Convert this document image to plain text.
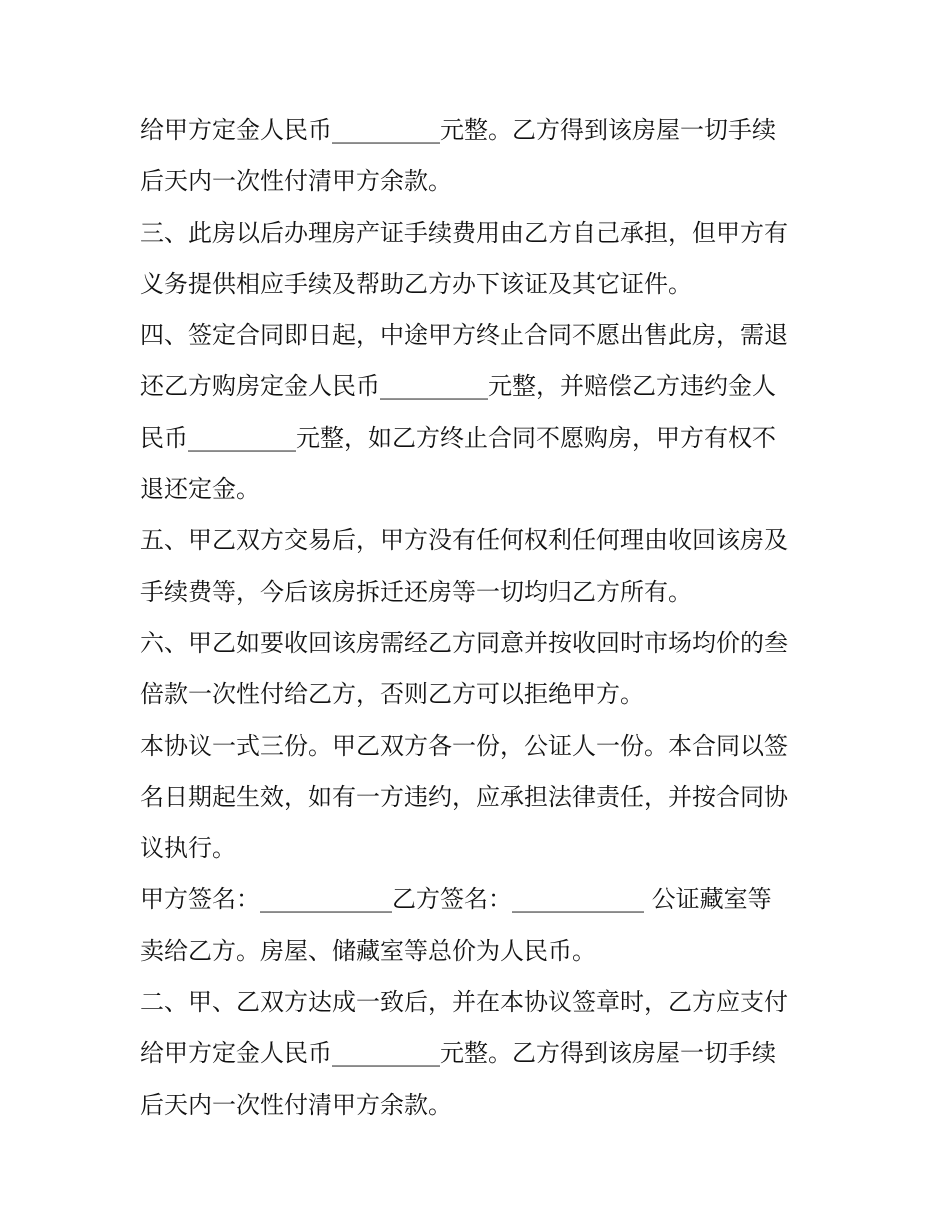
给甲方定金人民币_________元整。乙方得到该房屋一切手续
后天内一次性付清甲方余款。
三、此房以后办理房产证手续费用由乙方自己承担，但甲方有
义务提供相应手续及帮助乙方办下该证及其它证件。
四、签定合同即日起，中途甲方终止合同不愿出售此房，需退
还乙方购房定金人民币_________元整，并赔偿乙方违约金人
民币_________元整，如乙方终止合同不愿购房，甲方有权不
退还定金。
五、甲乙双方交易后，甲方没有任何权利任何理由收回该房及
手续费等，今后该房拆迁还房等一切均归乙方所有。
六、甲乙如要收回该房需经乙方同意并按收回时市场均价的叁
倍款一次性付给乙方，否则乙方可以拒绝甲方。
本协议一式三份。甲乙双方各一份，公证人一份。本合同以签
名日期起生效，如有一方违约，应承担法律责任，并按合同协
议执行。
甲方签名：___________乙方签名：___________ 公证藏室等
卖给乙方。房屋、储藏室等总价为人民币。
二、甲、乙双方达成一致后，并在本协议签章时，乙方应支付
给甲方定金人民币_________元整。乙方得到该房屋一切手续
后天内一次性付清甲方余款。
